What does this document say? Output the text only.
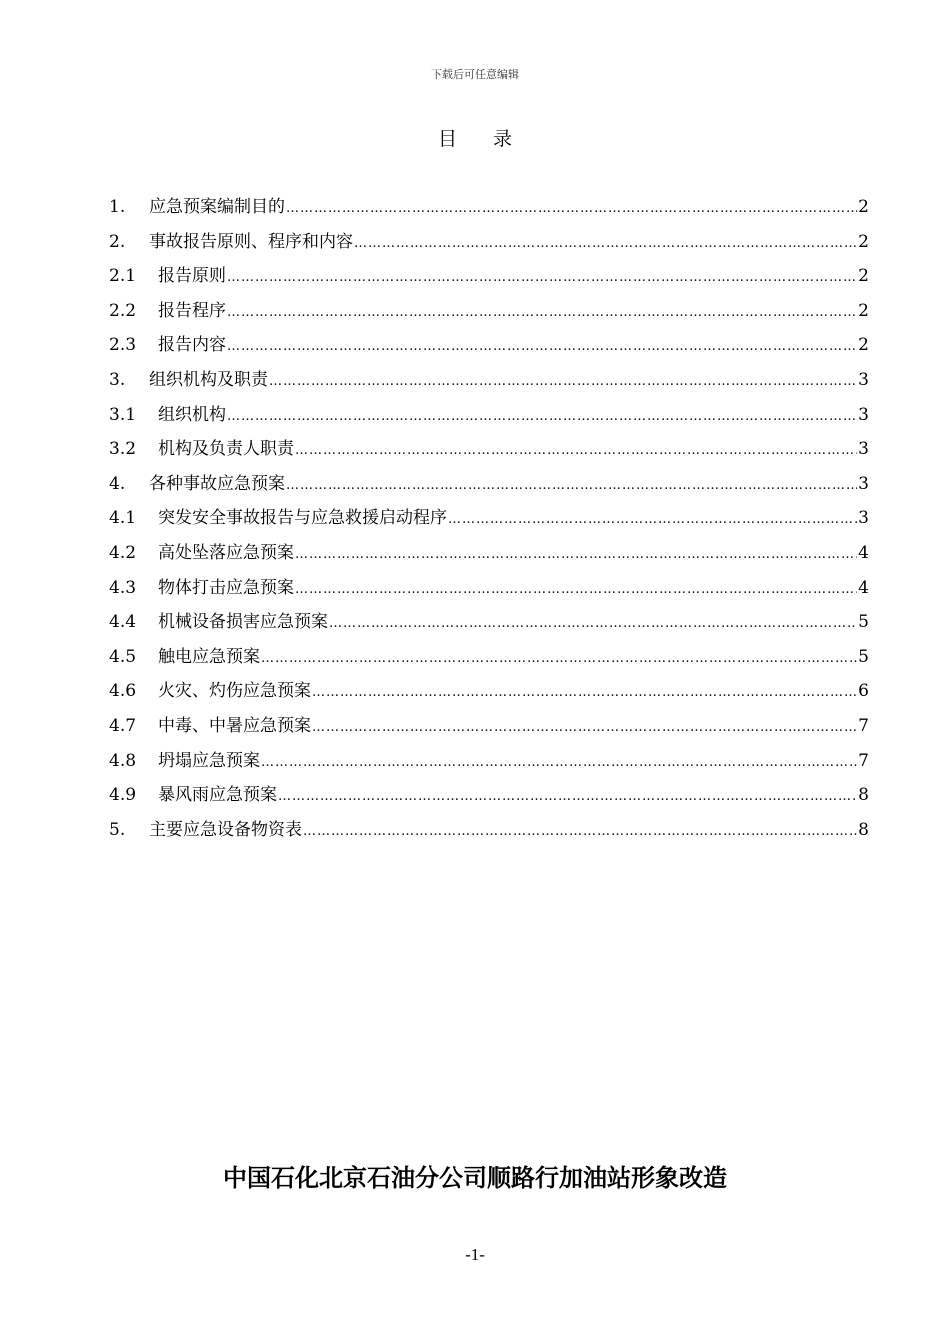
下载后可任意编辑
目 录
1.	应急预案编制目的 …………………………………………………………………………………………………………………………………………………………………………………………………………………	2
2.	事故报告原则、程序和内容 …………………………………………………………………………………………………………………………………………………………………………………………………………………	2
2.1	报告原则 …………………………………………………………………………………………………………………………………………………………………………………………………………………	2
2.2	报告程序 …………………………………………………………………………………………………………………………………………………………………………………………………………………	2
2.3	报告内容 …………………………………………………………………………………………………………………………………………………………………………………………………………………	2
3.	组织机构及职责 …………………………………………………………………………………………………………………………………………………………………………………………………………………	3
3.1	组织机构 …………………………………………………………………………………………………………………………………………………………………………………………………………………	3
3.2	机构及负责人职责 …………………………………………………………………………………………………………………………………………………………………………………………………………………	3
4.	各种事故应急预案 …………………………………………………………………………………………………………………………………………………………………………………………………………………	3
4.1	突发安全事故报告与应急救援启动程序 …………………………………………………………………………………………………………………………………………………………………………………………………………………	3
4.2	高处坠落应急预案 …………………………………………………………………………………………………………………………………………………………………………………………………………………	4
4.3	物体打击应急预案 …………………………………………………………………………………………………………………………………………………………………………………………………………………	4
4.4	机械设备损害应急预案 …………………………………………………………………………………………………………………………………………………………………………………………………………………	5
4.5	触电应急预案 …………………………………………………………………………………………………………………………………………………………………………………………………………………	5
4.6	火灾、灼伤应急预案 …………………………………………………………………………………………………………………………………………………………………………………………………………………	6
4.7	中毒、中暑应急预案 …………………………………………………………………………………………………………………………………………………………………………………………………………………	7
4.8	坍塌应急预案 …………………………………………………………………………………………………………………………………………………………………………………………………………………	7
4.9	暴风雨应急预案 …………………………………………………………………………………………………………………………………………………………………………………………………………………	8
5.	主要应急设备物资表 …………………………………………………………………………………………………………………………………………………………………………………………………………………	8
中国石化北京石油分公司顺路行加油站形象改造
-1-
